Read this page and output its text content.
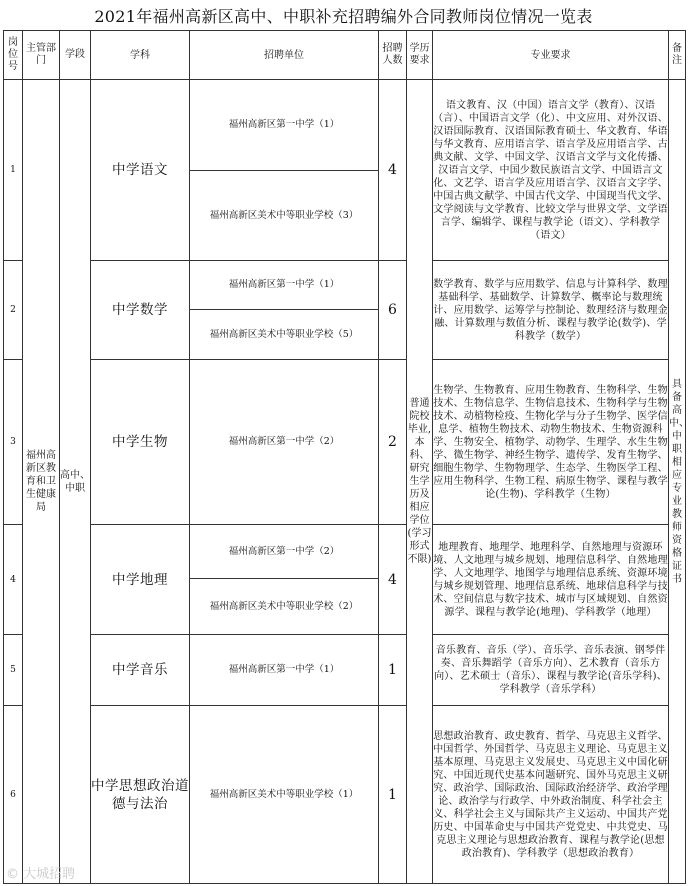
2021年福州高新区高中、中职补充招聘编外合同教师岗位情况一览表
岗位号	主管部门	学段	学科	招聘单位	招聘人数	学历要求	专业要求	备注
1	福州高新区教育和卫生健康局	高中、中职	中学语文	福州高新区第一中学（1）	4	普通院校毕业,本科、研究生学历及相应学位(学习形式不限)	语文教育、汉（中国）语言文学（教育）、汉语（言）、中国语言文学（化）、中文应用、对外汉语、汉语国际教育、汉语国际教育硕士、华文教育、华语与华文教育、应用语言学、语言学及应用语言学、古典文献、文学、中国文学、汉语言文学与文化传播、汉语言文学、中国少数民族语言文学、中国语言文化、文艺学、语言学及应用语言学、汉语言文字学、中国古典文献学、中国古代文学、中国现当代文学、文学阅读与文学教育、比较文学与世界文学、文学语言学、编辑学、课程与教学论（语文）、学科教学（语文）	具备高中、中职相应专业教师资格证书
				福州高新区美术中等职业学校（3）				
2			中学数学	福州高新区第一中学（1）	6		数学教育、数学与应用数学、信息与计算科学、数理基础科学、基础数学、计算数学、概率论与数理统计、应用数学、运筹学与控制论、数理经济与数理金融、计算数理与数值分析、课程与教学论(数学)、学科教学（数学）	
				福州高新区美术中等职业学校（5）				
3			中学生物	福州高新区第一中学（2）	2		生物学、生物教育、应用生物教育、生物科学、生物技术、生物信息学、生物信息技术、生物科学与生物技术、动植物检疫、生物化学与分子生物学、医学信息学、植物生物技术、动物生物技术、生物资源科学、生物安全、植物学、动物学、生理学、水生生物学、微生物学、神经生物学、遗传学、发育生物学、细胞生物学、生物物理学、生态学、生物医学工程、应用生物科学、生物工程、病原生物学、课程与教学论(生物)、学科教学（生物）	
4			中学地理	福州高新区第一中学（2）	4		地理教育、地理学、地理科学、自然地理与资源环境、人文地理与城乡规划、地理信息科学、自然地理学、人文地理学、地图学与地理信息系统、资源环境与城乡规划管理、地理信息系统、地球信息科学与技术、空间信息与数字技术、城市与区域规划、自然资源学、课程与教学论(地理)、学科教学（地理）	
				福州高新区美术中等职业学校（2）				
5			中学音乐	福州高新区第一中学（1）	1		音乐教育、音乐（学）、音乐学、音乐表演、钢琴伴奏、音乐舞蹈学（音乐方向）、艺术教育（音乐方向）、艺术硕士（音乐）、课程与教学论(音乐学科)、学科教学（音乐学科）	
6			中学思想政治道德与法治	福州高新区美术中等职业学校（1）	1		思想政治教育、政史教育、哲学、马克思主义哲学、中国哲学、外国哲学、马克思主义理论、马克思主义基本原理、马克思主义发展史、马克思主义中国化研究、中国近现代史基本问题研究、国外马克思主义研究、政治学、国际政治、国际政治经济学、政治学理论、政治学与行政学、中外政治制度、科学社会主义、科学社会主义与国际共产主义运动、中国共产党历史、中国革命史与中国共产党党史、中共党史、马克思主义理论与思想政治教育、课程与教学论(思想政治教育)、学科教学（思想政治教育）	
© 大城招聘
